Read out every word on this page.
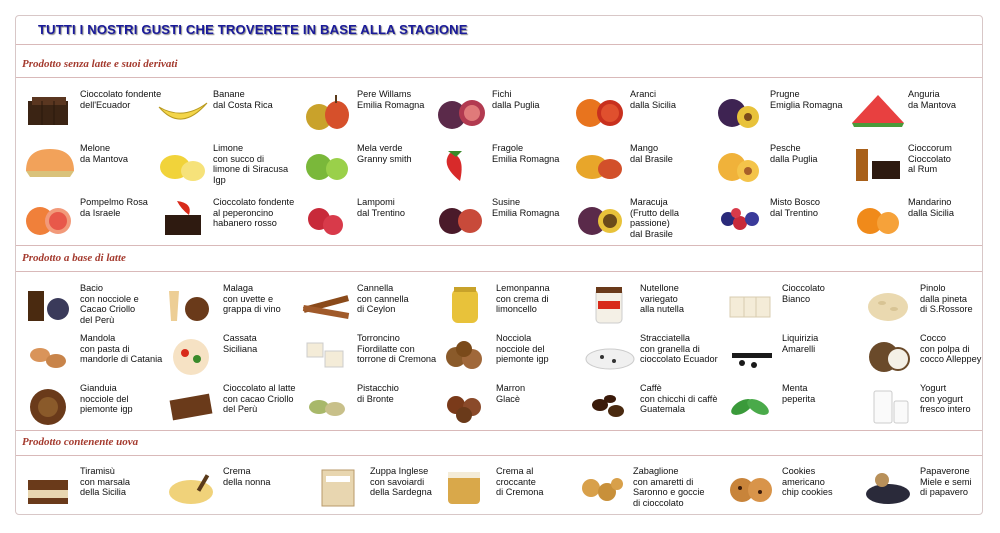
TUTTI I NOSTRI GUSTI CHE TROVERETE IN BASE ALLA STAGIONE
Prodotto senza latte e suoi derivati
Cioccolato fondente
dell'Ecuador
Banane
dal Costa Rica
Pere Willams
Emilia Romagna
Fichi
dalla Puglia
Aranci
dalla Sicilia
Prugne
Emiglia Romagna
Anguria
da Mantova
Melone
da Mantova
Limone
con succo di
limone di Siracusa Igp
Mela verde
Granny smith
Fragole
Emilia Romagna
Mango
dal Brasile
Pesche
dalla Puglia
Cioccorum
Cioccolato
al Rum
Pompelmo Rosa
da Israele
Cioccolato fondente
al peperoncino
habanero rosso
Lampomi
dal Trentino
Susine
Emilia Romagna
Maracuja
(Frutto della passione)
dal Brasile
Misto Bosco
dal Trentino
Mandarino
dalla Sicilia
Prodotto a base di latte
Bacio
con nocciole e
Cacao Criollo
del Perù
Malaga
con uvette e
grappa di vino
Cannella
con cannella
di Ceylon
Lemonpanna
con crema di
limoncello
Nutellone
variegato
alla nutella
Cioccolato
Bianco
Pinolo
dalla pineta
di S.Rossore
Mandola
con pasta di
mandorle di Catania
Cassata
Siciliana
Torroncino
Fiordilatte con
torrone di Cremona
Nocciola
nocciole del
piemonte igp
Stracciatella
con granella di
cioccolato Ecuador
Liquirizia
Amarelli
Cocco
con polpa di
cocco Alleppey
Gianduia
nocciole del
piemonte igp
Cioccolato al latte
con cacao Criollo
del Perù
Pistacchio
di Bronte
Marron
Glacè
Caffè
con chicchi di caffè
Guatemala
Menta
peperita
Yogurt
con yogurt
fresco intero
Prodotto contenente uova
Tiramisù
con marsala
della Sicilia
Crema
della nonna
Zuppa Inglese
con savoiardi
della Sardegna
Crema al
croccante
di Cremona
Zabaglione
con amaretti di
Saronno e goccie
di cioccolato
Cookies
americano
chip cookies
Papaverone
Miele e semi
di papavero
